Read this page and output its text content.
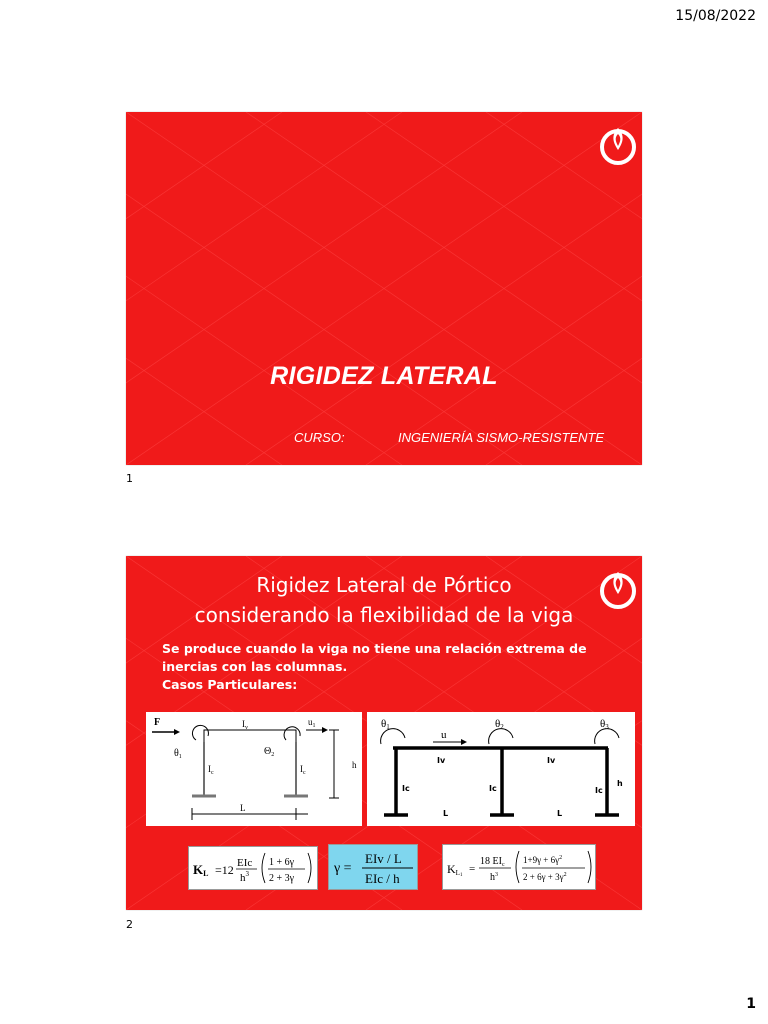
15/08/2022
RIGIDEZ LATERAL
CURSO:	INGENIERÍA SISMO-RESISTENTE
1
Rigidez Lateral de Pórtico
considerando la flexibilidad de la viga
Se produce cuando la viga no tiene una relación extrema de
inercias con las columnas.
Casos Particulares:
F	$I_v$
$u_1$
$\theta_1$	$\Theta_2$
$I_c$	$I_c$
h
L
θ1	θ2	θ3
u
Iv	Iv
Ic	Ic	Ic
h
L	L
KL =12 EIc
$h^3$
1 + 6γ
2 + 3γ
γ =
EIv / L
EIc / h
KL1
=
18 $EI_c$
$h^3$
$1+9\gamma + 6\gamma^2$
$2 + 6\gamma + 3\gamma^2$
2
1
